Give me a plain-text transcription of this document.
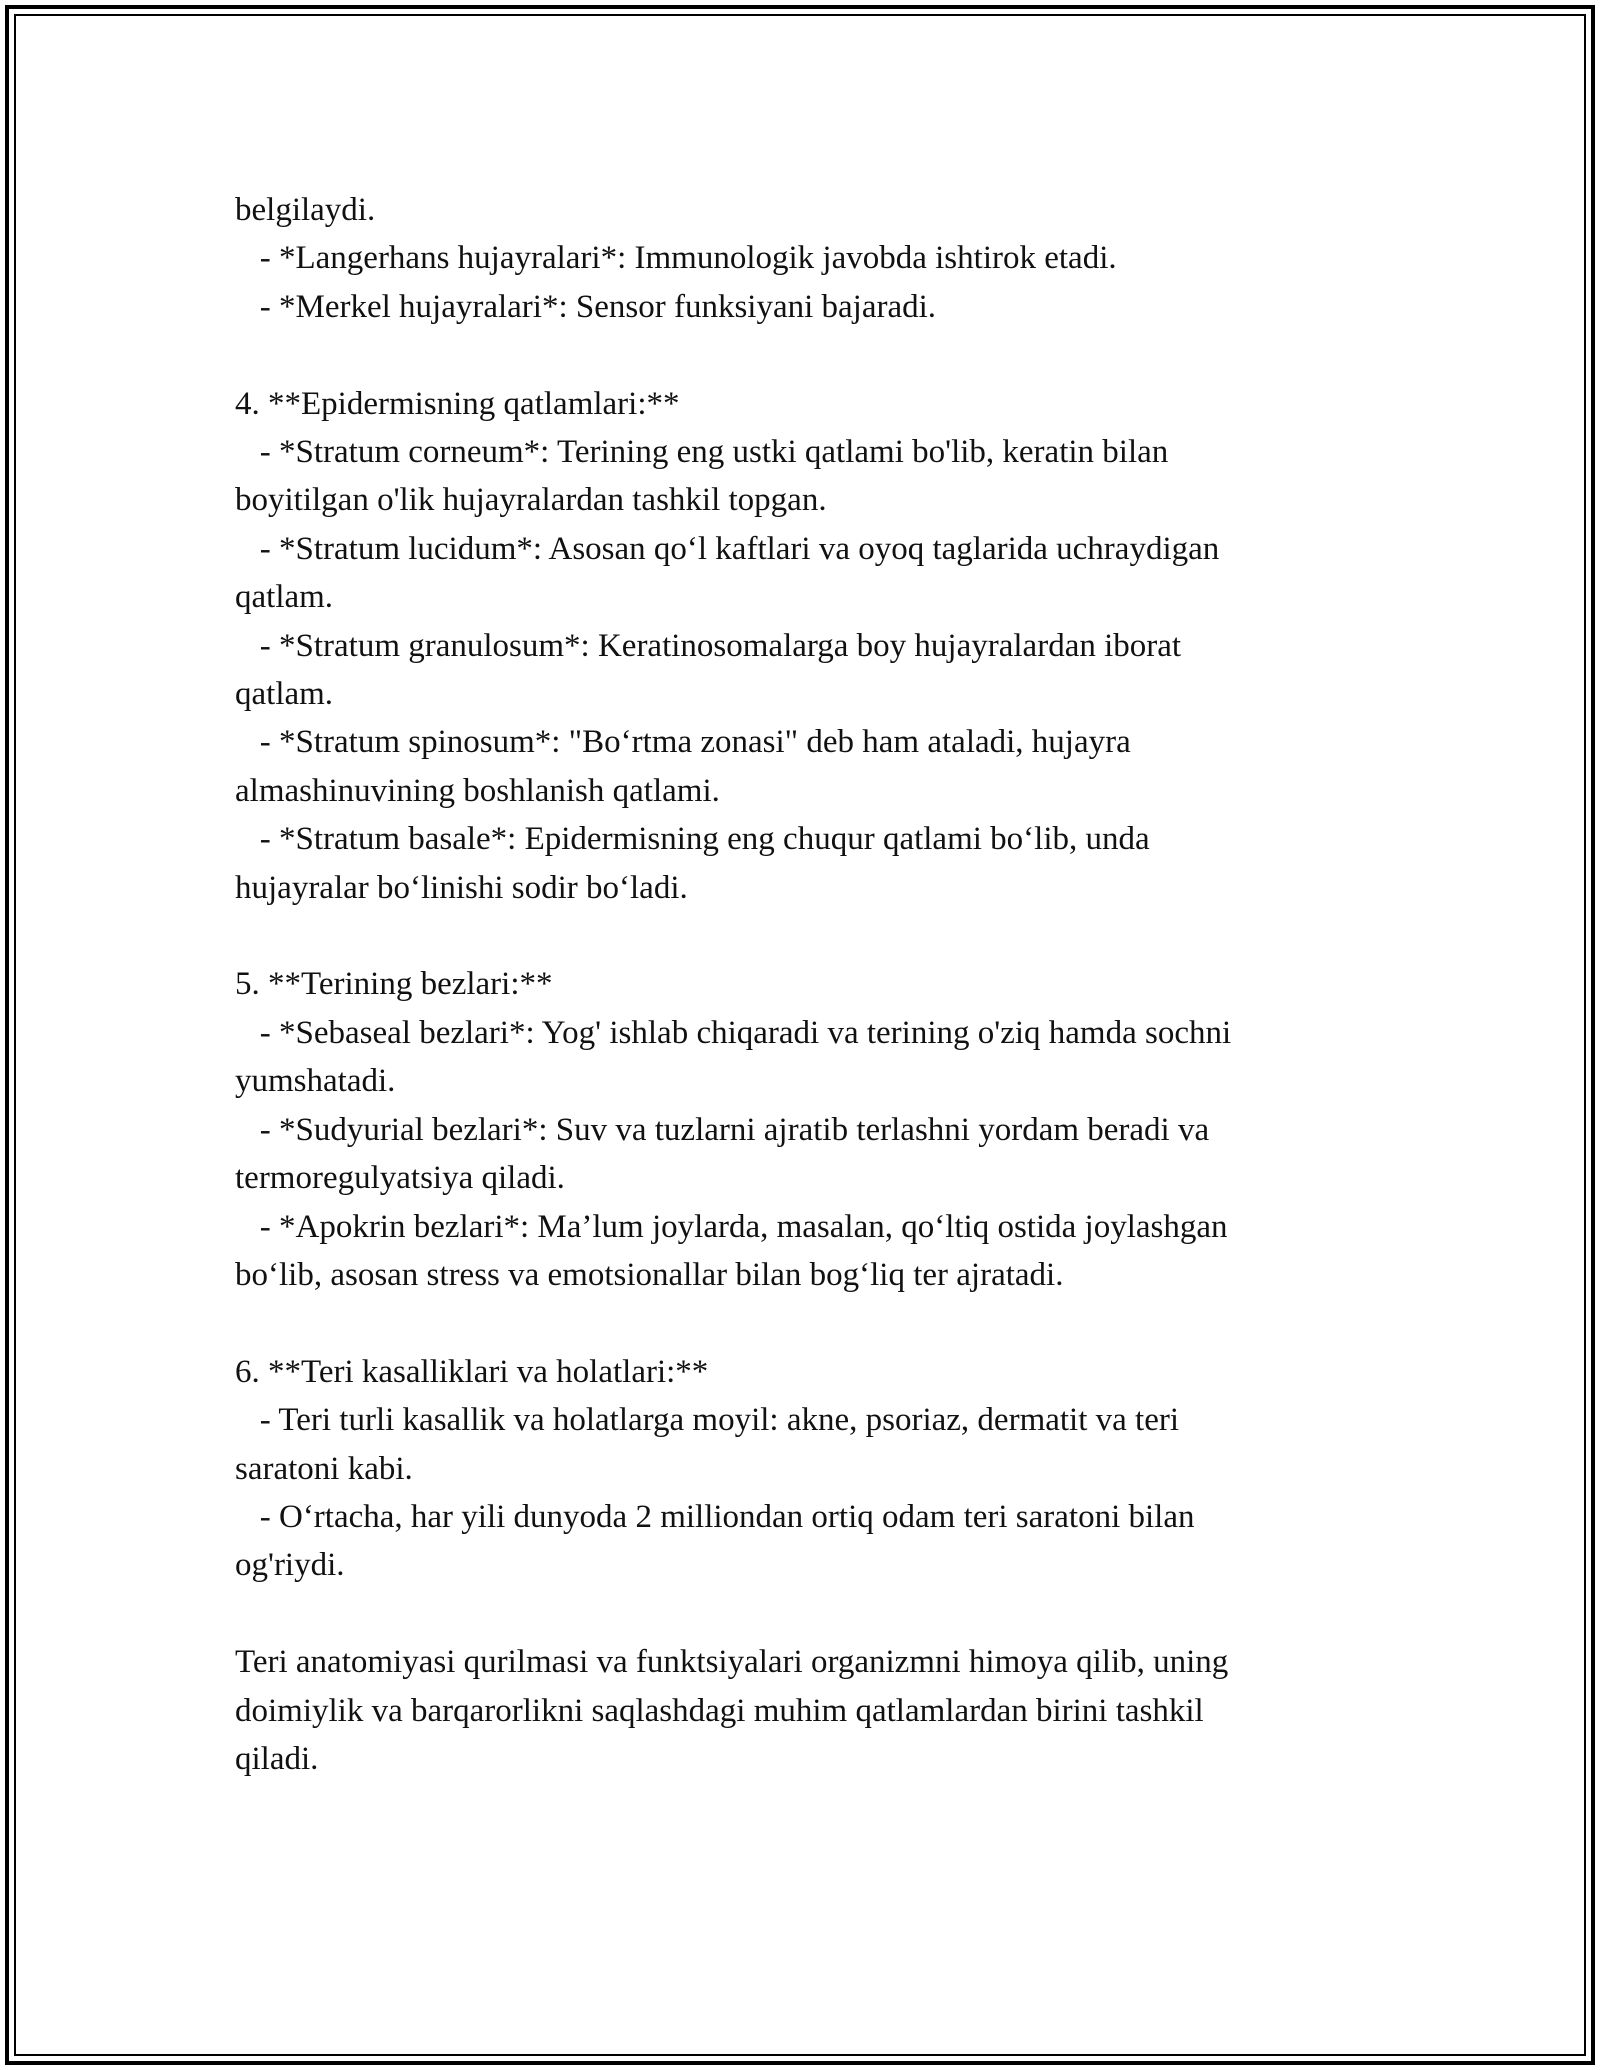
belgilaydi.
- *Langerhans hujayralari*: Immunologik javobda ishtirok etadi.
- *Merkel hujayralari*: Sensor funksiyani bajaradi.
4. **Epidermisning qatlamlari:**
- *Stratum corneum*: Terining eng ustki qatlami bo'lib, keratin bilan
boyitilgan o'lik hujayralardan tashkil topgan.
- *Stratum lucidum*: Asosan qo‘l kaftlari va oyoq taglarida uchraydigan
qatlam.
- *Stratum granulosum*: Keratinosomalarga boy hujayralardan iborat
qatlam.
- *Stratum spinosum*: "Bo‘rtma zonasi" deb ham ataladi, hujayra
almashinuvining boshlanish qatlami.
- *Stratum basale*: Epidermisning eng chuqur qatlami bo‘lib, unda
hujayralar bo‘linishi sodir bo‘ladi.
5. **Terining bezlari:**
- *Sebaseal bezlari*: Yog' ishlab chiqaradi va terining o'ziq hamda sochni
yumshatadi.
- *Sudyurial bezlari*: Suv va tuzlarni ajratib terlashni yordam beradi va
termoregulyatsiya qiladi.
- *Apokrin bezlari*: Ma’lum joylarda, masalan, qo‘ltiq ostida joylashgan
bo‘lib, asosan stress va emotsionallar bilan bog‘liq ter ajratadi.
6. **Teri kasalliklari va holatlari:**
- Teri turli kasallik va holatlarga moyil: akne, psoriaz, dermatit va teri
saratoni kabi.
- O‘rtacha, har yili dunyoda 2 milliondan ortiq odam teri saratoni bilan
og'riydi.
Teri anatomiyasi qurilmasi va funktsiyalari organizmni himoya qilib, uning
doimiylik va barqarorlikni saqlashdagi muhim qatlamlardan birini tashkil
qiladi.
